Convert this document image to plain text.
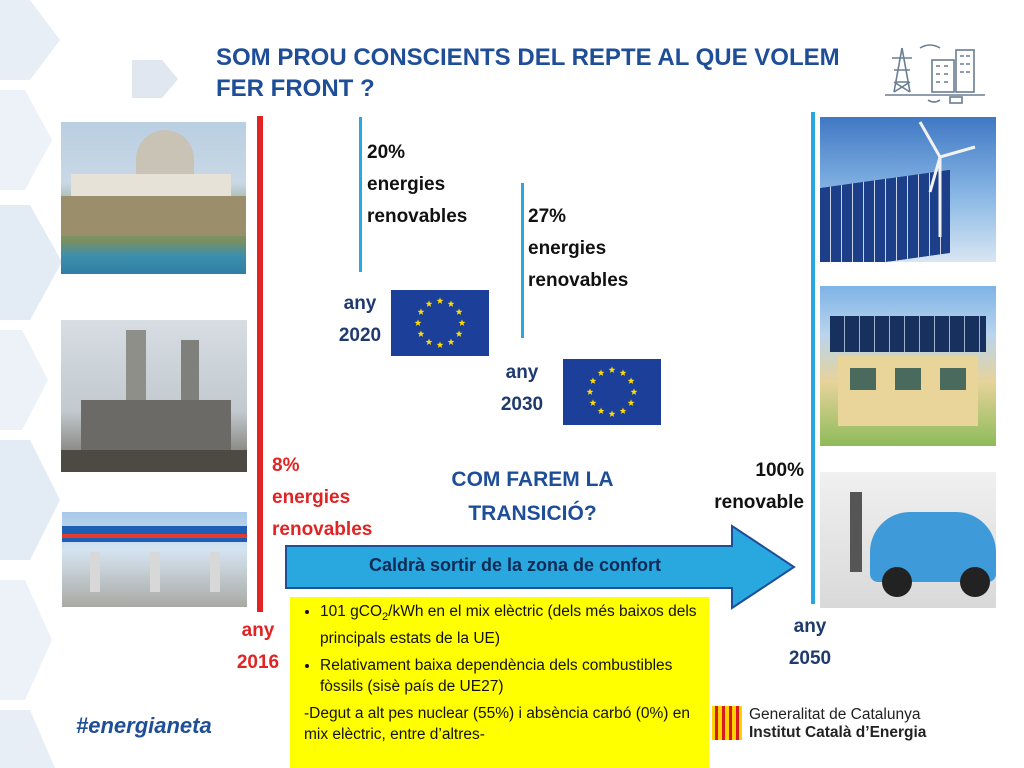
SOM PROU CONSCIENTS DEL REPTE AL QUE VOLEM FER FRONT ?
20%
energies
renovables	27%
energies
renovables
any
2020
any
2030
8%
energies
renovables
COM FAREM LA
TRANSICIÓ?
100%
renovable
Caldrà sortir de la zona de confort
any
2016
any
2050
• 101 gCO$_2$/kWh en el mix elèctric (dels més baixos dels principals estats de la UE)
• Relativament baixa dependència dels combustibles fòssils (sisè país de UE27)
-Degut a alt pes nuclear (55%) i absència carbó (0%) en mix elèctric, entre d’altres-
#energianeta	Generalitat de Catalunya
Institut Català d’Energia
